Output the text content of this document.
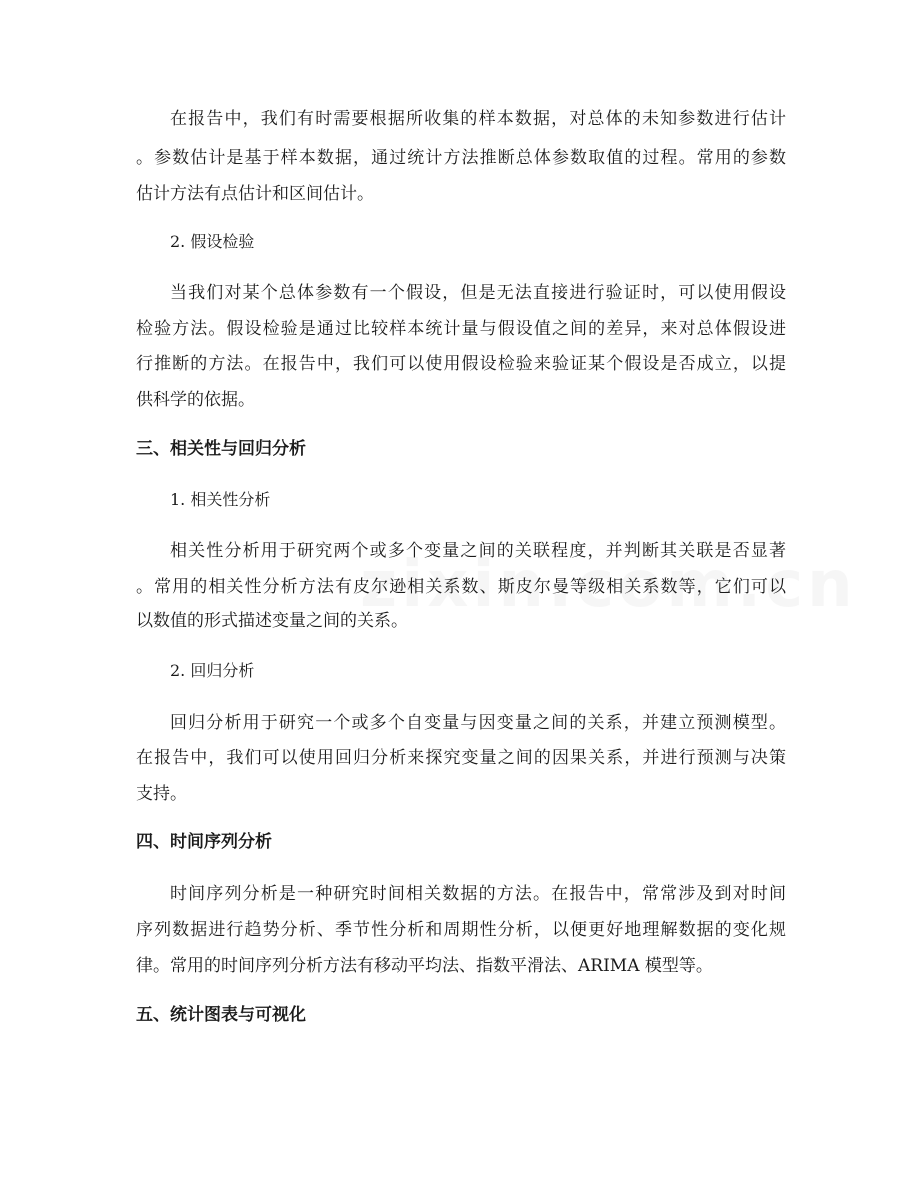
在报告中，我们有时需要根据所收集的样本数据，对总体的未知参数进行估计
。参数估计是基于样本数据，通过统计方法推断总体参数取值的过程。常用的参数
估计方法有点估计和区间估计。
2. 假设检验
当我们对某个总体参数有一个假设，但是无法直接进行验证时，可以使用假设
检验方法。假设检验是通过比较样本统计量与假设值之间的差异，来对总体假设进
行推断的方法。在报告中，我们可以使用假设检验来验证某个假设是否成立，以提
供科学的依据。
三、相关性与回归分析
1. 相关性分析
相关性分析用于研究两个或多个变量之间的关联程度，并判断其关联是否显著
。常用的相关性分析方法有皮尔逊相关系数、斯皮尔曼等级相关系数等，它们可以
以数值的形式描述变量之间的关系。
2. 回归分析
回归分析用于研究一个或多个自变量与因变量之间的关系，并建立预测模型。
在报告中，我们可以使用回归分析来探究变量之间的因果关系，并进行预测与决策
支持。
四、时间序列分析
时间序列分析是一种研究时间相关数据的方法。在报告中，常常涉及到对时间
序列数据进行趋势分析、季节性分析和周期性分析，以便更好地理解数据的变化规
律。常用的时间序列分析方法有移动平均法、指数平滑法、ARIMA 模型等。
五、统计图表与可视化
